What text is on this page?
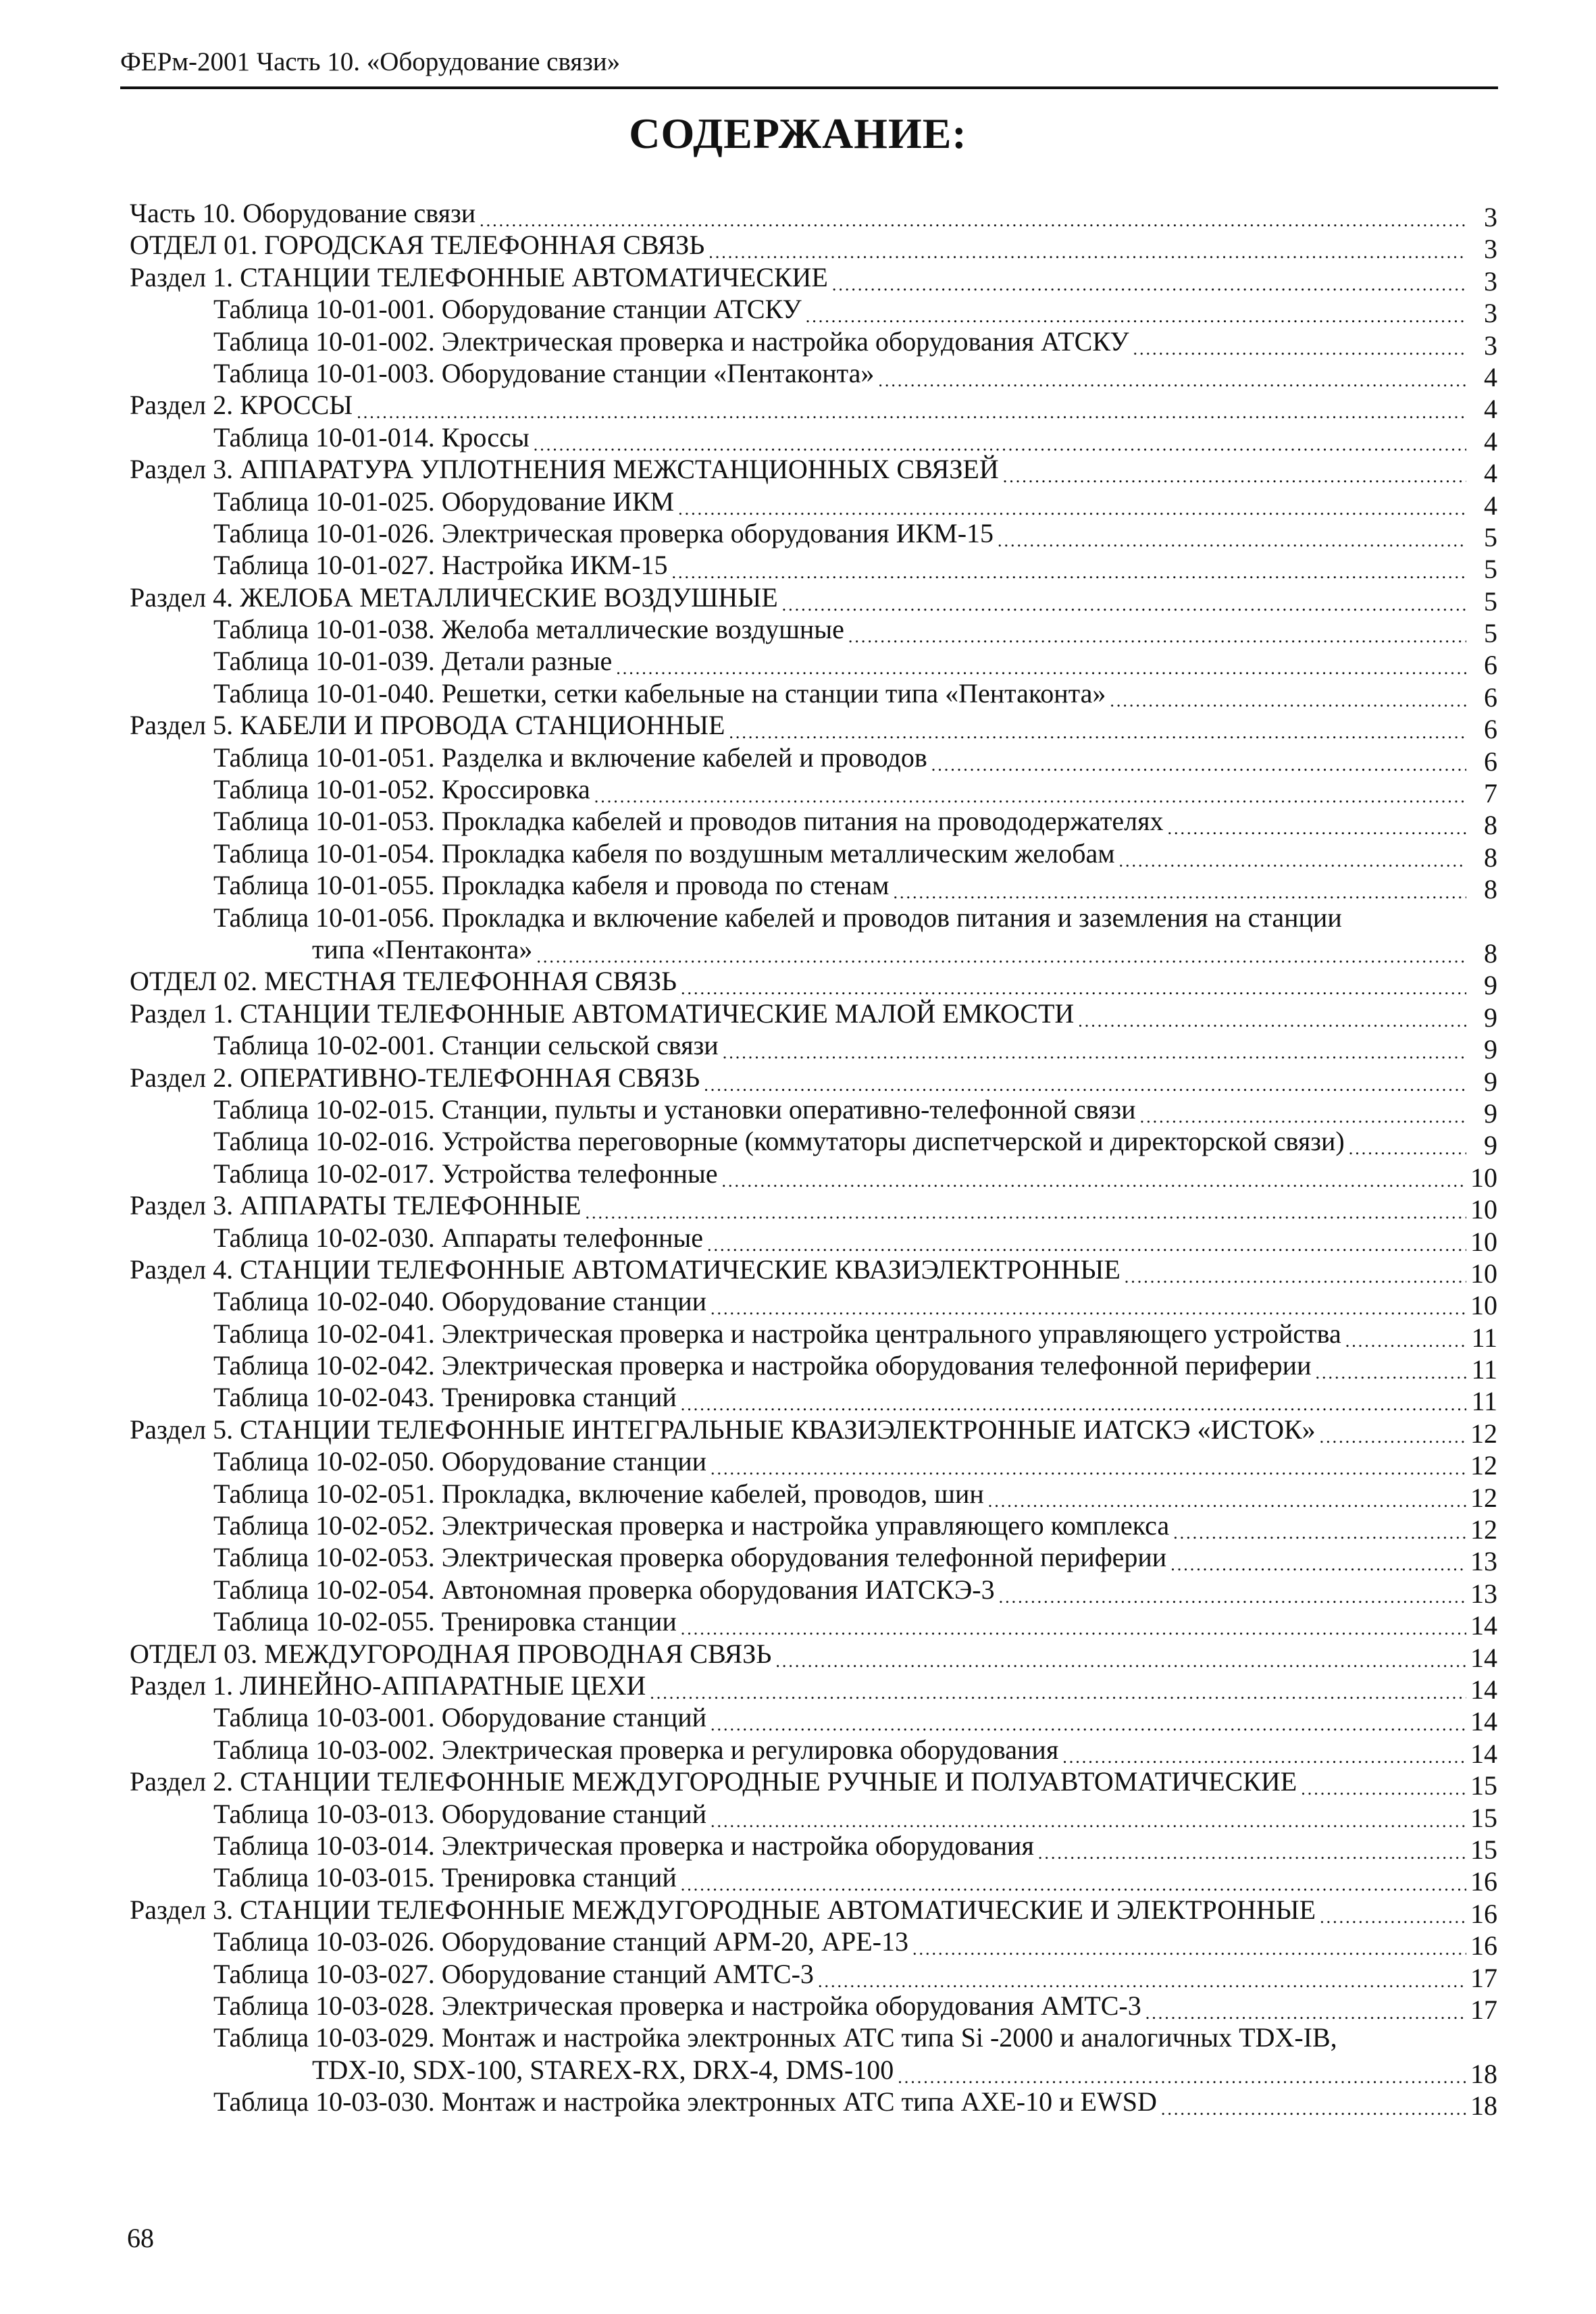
ФЕРм-2001 Часть 10. «Оборудование связи»
СОДЕРЖАНИЕ:
Часть 10. Оборудование связи .....	3
ОТДЕЛ 01. ГОРОДСКАЯ ТЕЛЕФОННАЯ СВЯЗЬ .....	3
Раздел 1. СТАНЦИИ ТЕЛЕФОННЫЕ АВТОМАТИЧЕСКИЕ .....	3
Таблица 10-01-001. Оборудование станции АТСКУ .....	3
Таблица 10-01-002. Электрическая проверка и настройка оборудования АТСКУ .....	3
Таблица 10-01-003. Оборудование станции «Пентаконта» .....	4
Раздел 2. КРОССЫ .....	4
Таблица 10-01-014. Кроссы .....	4
Раздел 3. АППАРАТУРА УПЛОТНЕНИЯ МЕЖСТАНЦИОННЫХ СВЯЗЕЙ .....	4
Таблица 10-01-025. Оборудование ИКМ .....	4
Таблица 10-01-026. Электрическая проверка оборудования ИКМ-15 .....	5
Таблица 10-01-027. Настройка ИКМ-15 .....	5
Раздел 4. ЖЕЛОБА МЕТАЛЛИЧЕСКИЕ ВОЗДУШНЫЕ .....	5
Таблица 10-01-038. Желоба металлические воздушные .....	5
Таблица 10-01-039. Детали разные .....	6
Таблица 10-01-040. Решетки, сетки кабельные на станции типа «Пентаконта» .....	6
Раздел 5. КАБЕЛИ И ПРОВОДА СТАНЦИОННЫЕ .....	6
Таблица 10-01-051. Разделка и включение кабелей и проводов .....	6
Таблица 10-01-052. Кроссировка .....	7
Таблица 10-01-053. Прокладка кабелей и проводов питания на провододержателях .....	8
Таблица 10-01-054. Прокладка кабеля по воздушным металлическим желобам .....	8
Таблица 10-01-055. Прокладка кабеля и провода по стенам .....	8
Таблица 10-01-056. Прокладка и включение кабелей и проводов питания и заземления на станции
типа «Пентаконта» .....	8
ОТДЕЛ 02. МЕСТНАЯ ТЕЛЕФОННАЯ СВЯЗЬ .....	9
Раздел 1. СТАНЦИИ ТЕЛЕФОННЫЕ АВТОМАТИЧЕСКИЕ МАЛОЙ ЕМКОСТИ .....	9
Таблица 10-02-001. Станции сельской связи .....	9
Раздел 2. ОПЕРАТИВНО-ТЕЛЕФОННАЯ СВЯЗЬ .....	9
Таблица 10-02-015. Станции, пульты и установки оперативно-телефонной связи .....	9
Таблица 10-02-016. Устройства переговорные (коммутаторы диспетчерской и директорской связи) .....	9
Таблица 10-02-017. Устройства телефонные .....	10
Раздел 3. АППАРАТЫ ТЕЛЕФОННЫЕ .....	10
Таблица 10-02-030. Аппараты телефонные .....	10
Раздел 4. СТАНЦИИ ТЕЛЕФОННЫЕ АВТОМАТИЧЕСКИЕ КВАЗИЭЛЕКТРОННЫЕ .....	10
Таблица 10-02-040. Оборудование станции .....	10
Таблица 10-02-041. Электрическая проверка и настройка центрального управляющего устройства .....	11
Таблица 10-02-042. Электрическая проверка и настройка оборудования телефонной периферии .....	11
Таблица 10-02-043. Тренировка станций .....	11
Раздел 5. СТАНЦИИ ТЕЛЕФОННЫЕ ИНТЕГРАЛЬНЫЕ КВАЗИЭЛЕКТРОННЫЕ ИАТСКЭ «ИСТОК» .....	12
Таблица 10-02-050. Оборудование станции .....	12
Таблица 10-02-051. Прокладка, включение кабелей, проводов, шин .....	12
Таблица 10-02-052. Электрическая проверка и настройка управляющего комплекса .....	12
Таблица 10-02-053. Электрическая проверка оборудования телефонной периферии .....	13
Таблица 10-02-054. Автономная проверка оборудования ИАТСКЭ-3 .....	13
Таблица 10-02-055. Тренировка станции .....	14
ОТДЕЛ 03. МЕЖДУГОРОДНАЯ ПРОВОДНАЯ СВЯЗЬ .....	14
Раздел 1. ЛИНЕЙНО-АППАРАТНЫЕ ЦЕХИ .....	14
Таблица 10-03-001. Оборудование станций .....	14
Таблица 10-03-002. Электрическая проверка и регулировка оборудования .....	14
Раздел 2. СТАНЦИИ ТЕЛЕФОННЫЕ МЕЖДУГОРОДНЫЕ РУЧНЫЕ И ПОЛУАВТОМАТИЧЕСКИЕ .....	15
Таблица 10-03-013. Оборудование станций .....	15
Таблица 10-03-014. Электрическая проверка и настройка оборудования .....	15
Таблица 10-03-015. Тренировка станций .....	16
Раздел 3. СТАНЦИИ ТЕЛЕФОННЫЕ МЕЖДУГОРОДНЫЕ АВТОМАТИЧЕСКИЕ И ЭЛЕКТРОННЫЕ .....	16
Таблица 10-03-026. Оборудование станций АРМ-20, АРЕ-13 .....	16
Таблица 10-03-027. Оборудование станций АМТС-3 .....	17
Таблица 10-03-028. Электрическая проверка и настройка оборудования АМТС-3 .....	17
Таблица 10-03-029. Монтаж и настройка электронных АТС типа Si -2000 и аналогичных TDX-IB,
TDX-I0, SDX-100, STAREX-RX, DRX-4, DMS-100 .....	18
Таблица 10-03-030. Монтаж и настройка электронных АТС типа АХЕ-10 и EWSD .....	18
68
